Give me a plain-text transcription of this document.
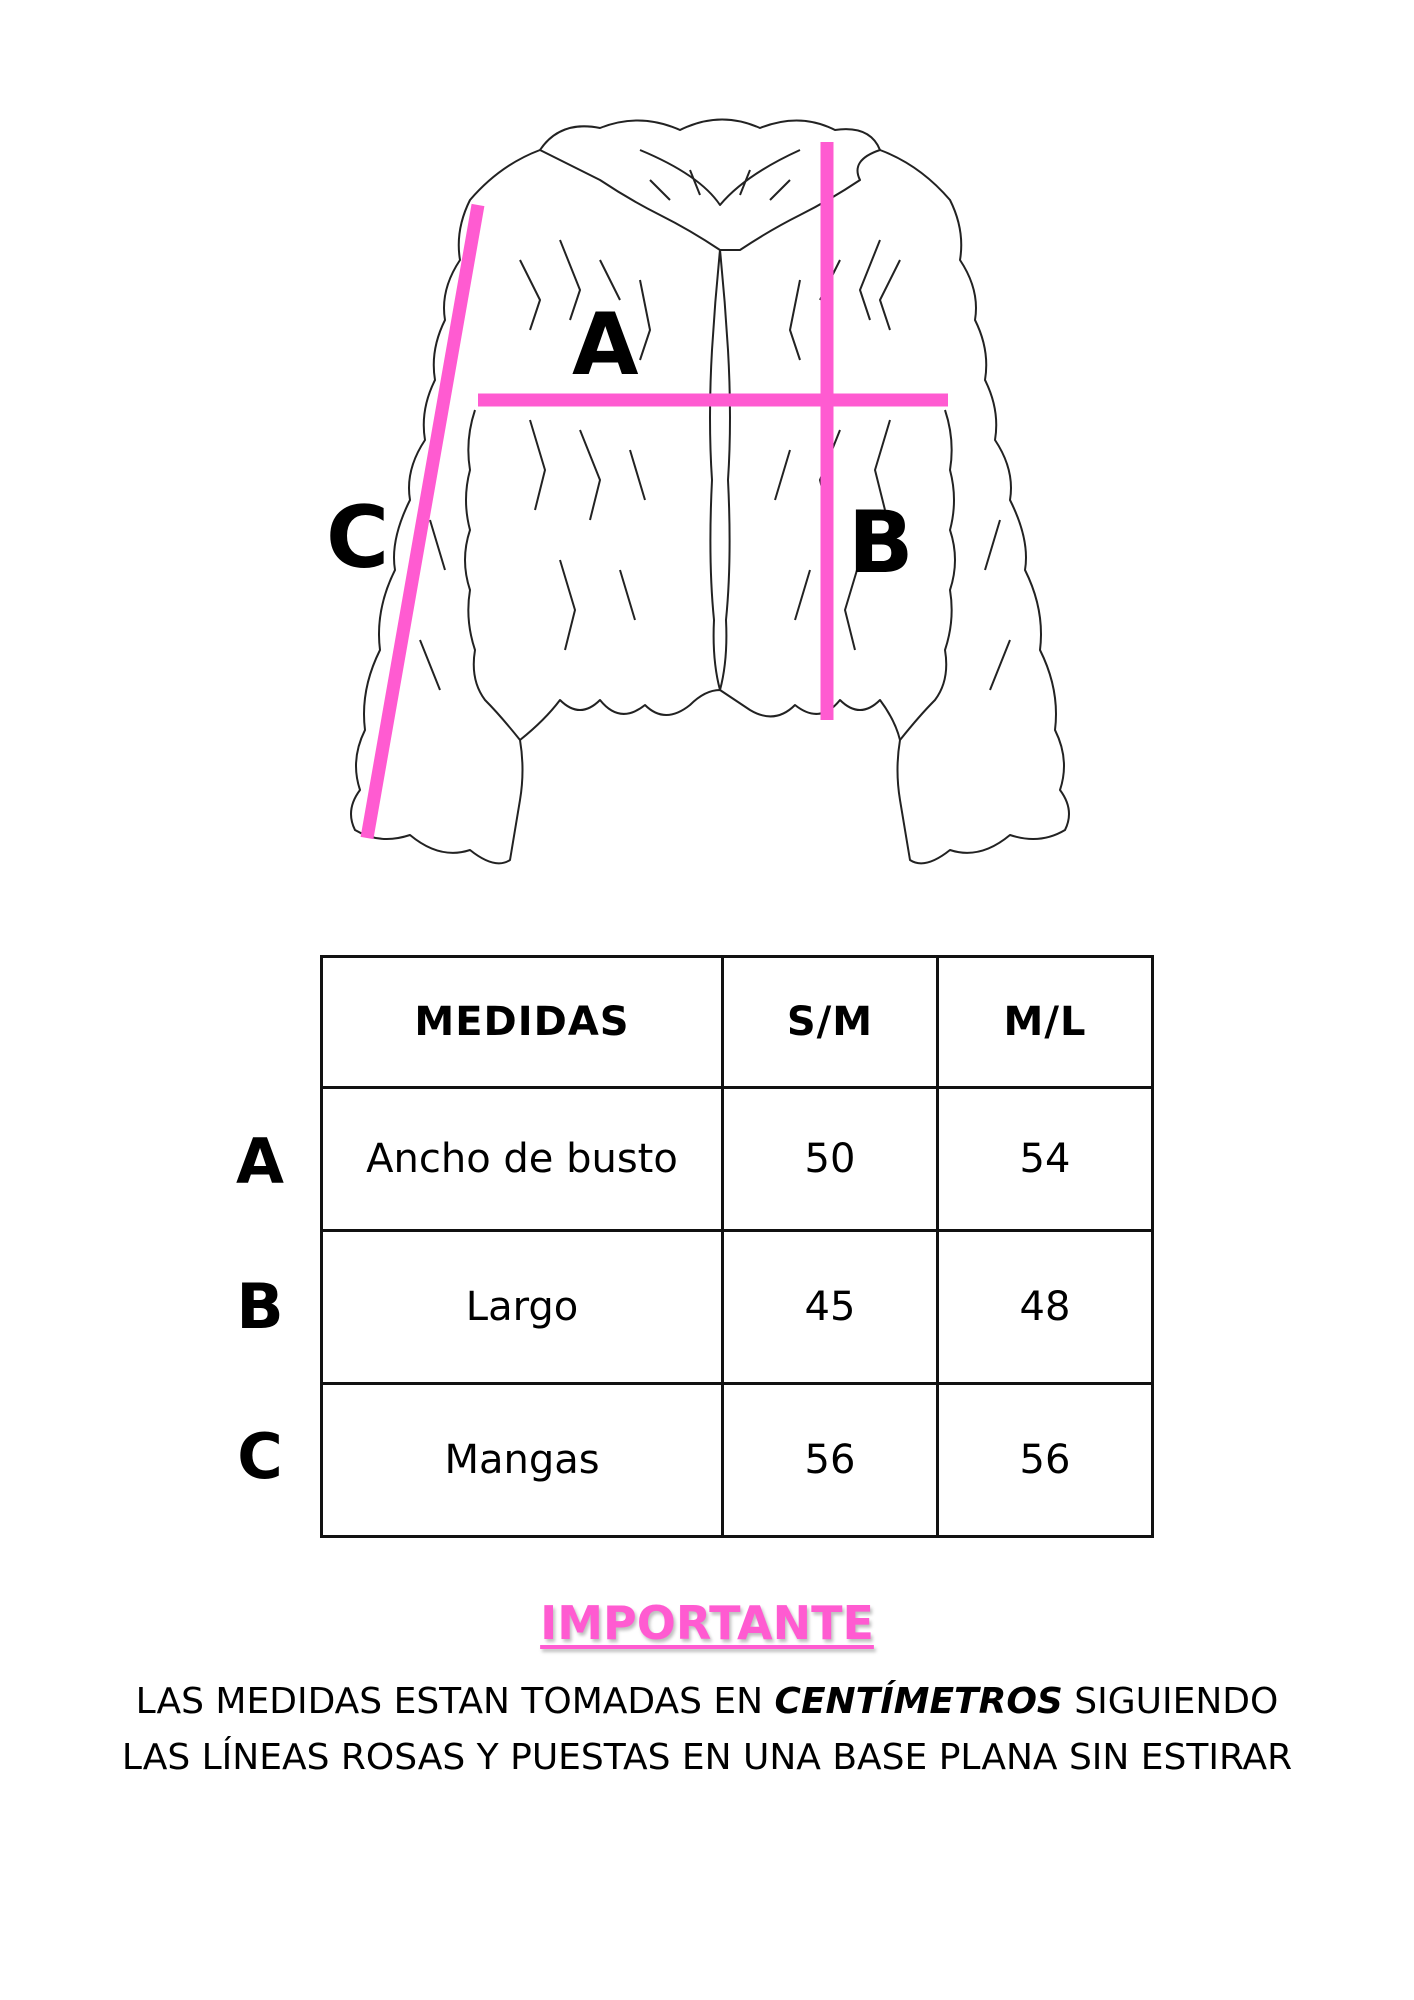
A
B
C
A
B
C
MEDIDAS	S/M	M/L
Ancho de busto	50	54
Largo	45	48
Mangas	56	56
IMPORTANTE
LAS MEDIDAS ESTAN TOMADAS EN CENTÍMETROS SIGUIENDO
LAS LÍNEAS ROSAS Y PUESTAS EN UNA BASE PLANA SIN ESTIRAR
